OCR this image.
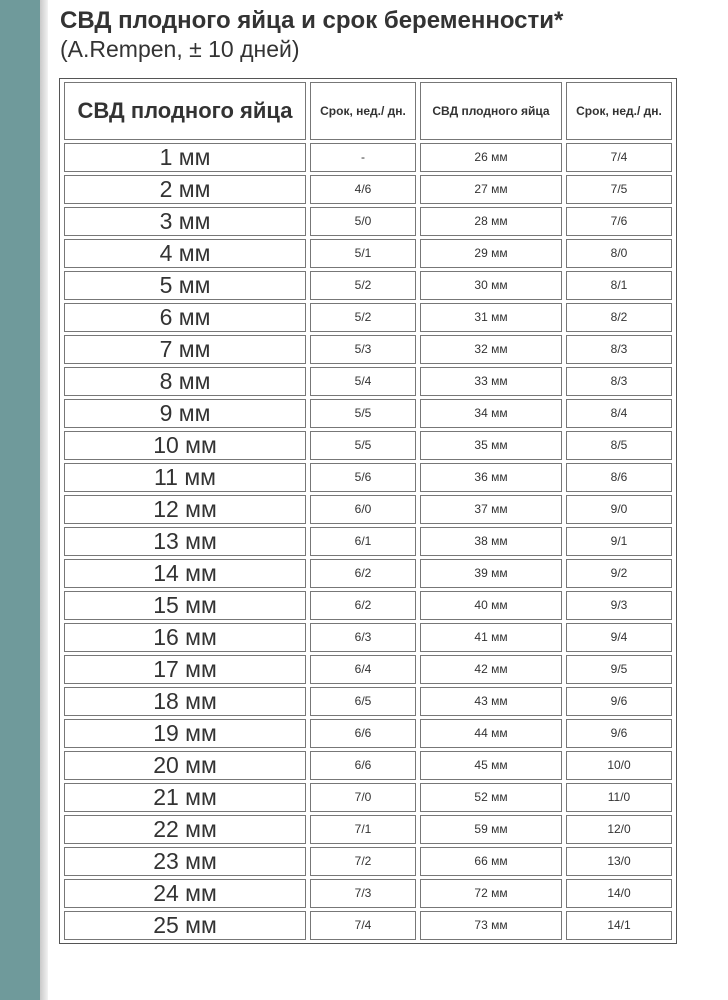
СВД плодного яйца и срок беременности*
(A.Rempen, ± 10 дней)
СВД плодного яйца	Срок, нед./ дн.	СВД плодного яйца	Срок, нед./ дн.
1 мм	-	26 мм	7/4
2 мм	4/6	27 мм	7/5
3 мм	5/0	28 мм	7/6
4 мм	5/1	29 мм	8/0
5 мм	5/2	30 мм	8/1
6 мм	5/2	31 мм	8/2
7 мм	5/3	32 мм	8/3
8 мм	5/4	33 мм	8/3
9 мм	5/5	34 мм	8/4
10 мм	5/5	35 мм	8/5
11 мм	5/6	36 мм	8/6
12 мм	6/0	37 мм	9/0
13 мм	6/1	38 мм	9/1
14 мм	6/2	39 мм	9/2
15 мм	6/2	40 мм	9/3
16 мм	6/3	41 мм	9/4
17 мм	6/4	42 мм	9/5
18 мм	6/5	43 мм	9/6
19 мм	6/6	44 мм	9/6
20 мм	6/6	45 мм	10/0
21 мм	7/0	52 мм	11/0
22 мм	7/1	59 мм	12/0
23 мм	7/2	66 мм	13/0
24 мм	7/3	72 мм	14/0
25 мм	7/4	73 мм	14/1
